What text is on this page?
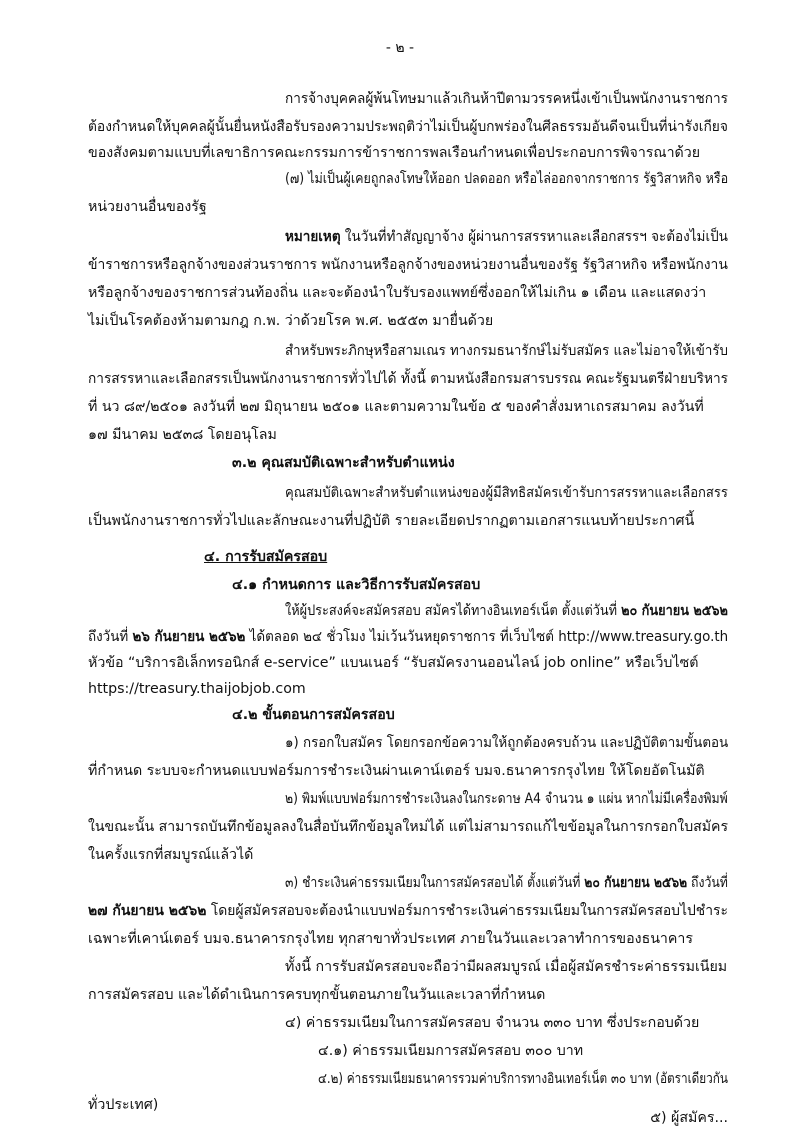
- ๒ -
การจ้างบุคคลผู้พ้นโทษมาแล้วเกินห้าปีตามวรรคหนึ่งเข้าเป็นพนักงานราชการ
ต้องกำหนดให้บุคคลผู้นั้นยื่นหนังสือรับรองความประพฤติว่าไม่เป็นผู้บกพร่องในศีลธรรมอันดีจนเป็นที่น่ารังเกียจ
ของสังคมตามแบบที่เลขาธิการคณะกรรมการข้าราชการพลเรือนกำหนดเพื่อประกอบการพิจารณาด้วย
(๗) ไม่เป็นผู้เคยถูกลงโทษให้ออก ปลดออก หรือไล่ออกจากราชการ รัฐวิสาหกิจ หรือ
หน่วยงานอื่นของรัฐ
หมายเหตุ ในวันที่ทำสัญญาจ้าง ผู้ผ่านการสรรหาและเลือกสรรฯ จะต้องไม่เป็น
ข้าราชการหรือลูกจ้างของส่วนราชการ พนักงานหรือลูกจ้างของหน่วยงานอื่นของรัฐ รัฐวิสาหกิจ หรือพนักงาน
หรือลูกจ้างของราชการส่วนท้องถิ่น และจะต้องนำใบรับรองแพทย์ซึ่งออกให้ไม่เกิน ๑ เดือน และแสดงว่า
ไม่เป็นโรคต้องห้ามตามกฎ ก.พ. ว่าด้วยโรค พ.ศ. ๒๕๕๓ มายื่นด้วย
สำหรับพระภิกษุหรือสามเณร ทางกรมธนารักษ์ไม่รับสมัคร และไม่อาจให้เข้ารับ
การสรรหาและเลือกสรรเป็นพนักงานราชการทั่วไปได้ ทั้งนี้ ตามหนังสือกรมสารบรรณ คณะรัฐมนตรีฝ่ายบริหาร
ที่ นว ๘๙/๒๕๐๑ ลงวันที่ ๒๗ มิถุนายน ๒๕๐๑ และตามความในข้อ ๕ ของคำสั่งมหาเถรสมาคม ลงวันที่
๑๗ มีนาคม ๒๕๓๘ โดยอนุโลม
๓.๒ คุณสมบัติเฉพาะสำหรับตำแหน่ง
คุณสมบัติเฉพาะสำหรับตำแหน่งของผู้มีสิทธิสมัครเข้ารับการสรรหาและเลือกสรร
เป็นพนักงานราชการทั่วไปและลักษณะงานที่ปฏิบัติ รายละเอียดปรากฏตามเอกสารแนบท้ายประกาศนี้
๔. การรับสมัครสอบ
๔.๑ กำหนดการ และวิธีการรับสมัครสอบ
ให้ผู้ประสงค์จะสมัครสอบ สมัครได้ทางอินเทอร์เน็ต ตั้งแต่วันที่ ๒๐ กันยายน ๒๕๖๒
ถึงวันที่ ๒๖ กันยายน ๒๕๖๒ ได้ตลอด ๒๔ ชั่วโมง ไม่เว้นวันหยุดราชการ ที่เว็บไซต์ http://www.treasury.go.th
หัวข้อ “บริการอิเล็กทรอนิกส์ e-service” แบนเนอร์ “รับสมัครงานออนไลน์ job online” หรือเว็บไซต์
https://treasury.thaijobjob.com
๔.๒ ขั้นตอนการสมัครสอบ
๑) กรอกใบสมัคร โดยกรอกข้อความให้ถูกต้องครบถ้วน และปฏิบัติตามขั้นตอน
ที่กำหนด ระบบจะกำหนดแบบฟอร์มการชำระเงินผ่านเคาน์เตอร์ บมจ.ธนาคารกรุงไทย ให้โดยอัตโนมัติ
๒) พิมพ์แบบฟอร์มการชำระเงินลงในกระดาษ A4 จำนวน ๑ แผ่น หากไม่มีเครื่องพิมพ์
ในขณะนั้น สามารถบันทึกข้อมูลลงในสื่อบันทึกข้อมูลใหม่ได้ แต่ไม่สามารถแก้ไขข้อมูลในการกรอกใบสมัคร
ในครั้งแรกที่สมบูรณ์แล้วได้
๓) ชำระเงินค่าธรรมเนียมในการสมัครสอบได้ ตั้งแต่วันที่ ๒๐ กันยายน ๒๕๖๒ ถึงวันที่
๒๗ กันยายน ๒๕๖๒ โดยผู้สมัครสอบจะต้องนำแบบฟอร์มการชำระเงินค่าธรรมเนียมในการสมัครสอบไปชำระ
เฉพาะที่เคาน์เตอร์ บมจ.ธนาคารกรุงไทย ทุกสาขาทั่วประเทศ ภายในวันและเวลาทำการของธนาคาร
ทั้งนี้ การรับสมัครสอบจะถือว่ามีผลสมบูรณ์ เมื่อผู้สมัครชำระค่าธรรมเนียม
การสมัครสอบ และได้ดำเนินการครบทุกขั้นตอนภายในวันและเวลาที่กำหนด
๔) ค่าธรรมเนียมในการสมัครสอบ จำนวน ๓๓๐ บาท ซึ่งประกอบด้วย
๔.๑) ค่าธรรมเนียมการสมัครสอบ ๓๐๐ บาท
๔.๒) ค่าธรรมเนียมธนาคารรวมค่าบริการทางอินเทอร์เน็ต ๓๐ บาท (อัตราเดียวกัน
ทั่วประเทศ)
๕) ผู้สมัคร...
